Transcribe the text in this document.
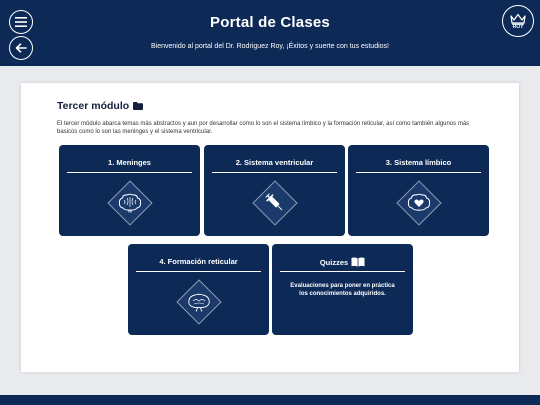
Portal de Clases
Bienvenido al portal del Dr. Rodriguez Roy, ¡Éxitos y suerte con tus estudios!
ROY
Tercer módulo
El tercer módulo abarca temas más abstractos y aun por desarrollar como lo son el sistema límbico y la formación reticular, así como también algunos más basicos como lo son las meninges y el sistema ventricular.
1. Meninges	2. Sistema ventricular	3. Sistema límbico
4. Formación reticular	Quizzes
Evaluaciones para poner en práctica los conocimientos adquiridos.
